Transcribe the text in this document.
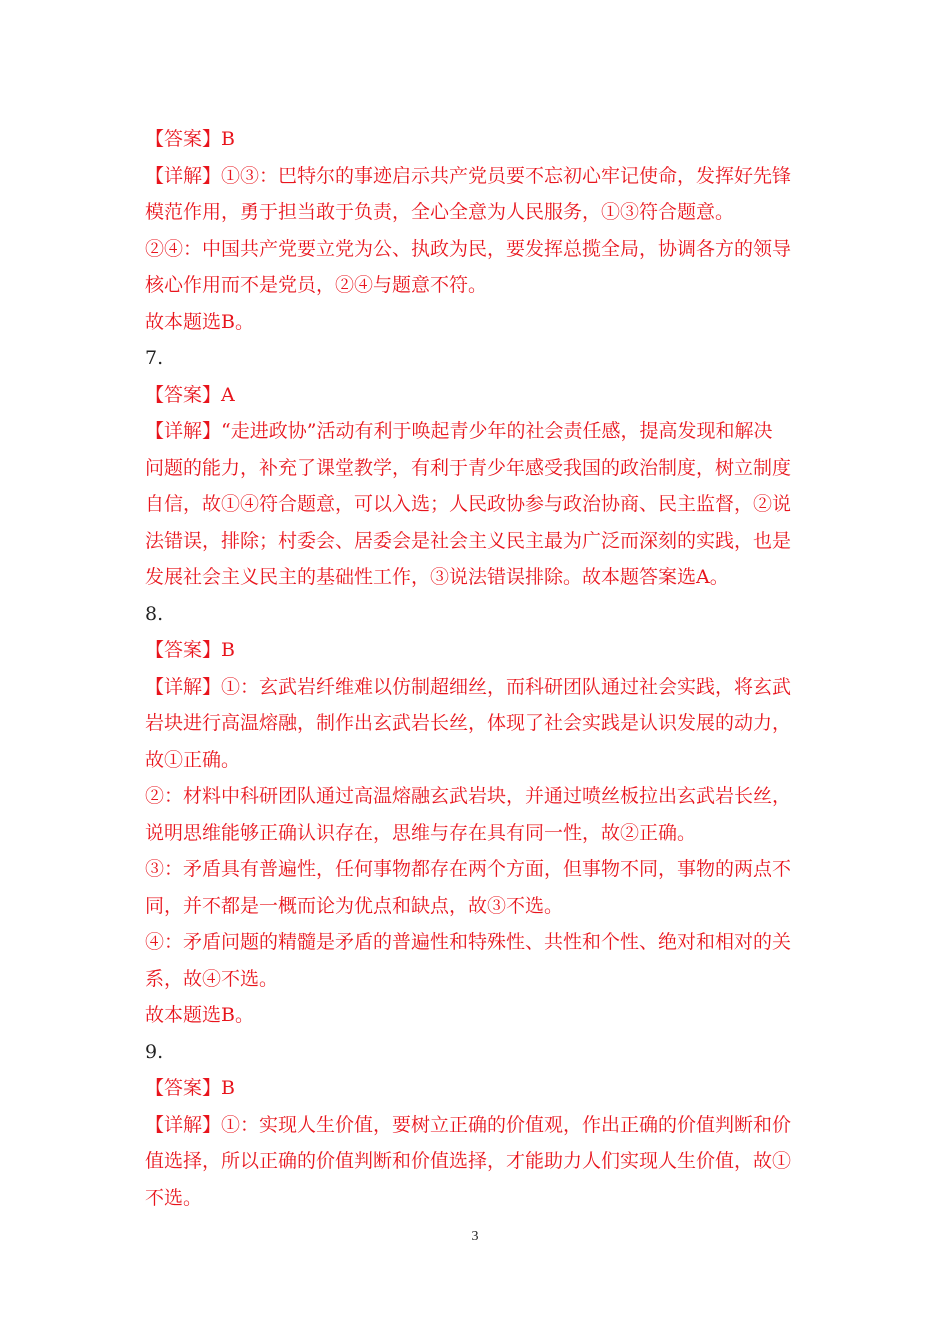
【答案】B
【详解】①③：巴特尔的事迹启示共产党员要不忘初心牢记使命，发挥好先锋
模范作用，勇于担当敢于负责，全心全意为人民服务，①③符合题意。
②④：中国共产党要立党为公、执政为民，要发挥总揽全局，协调各方的领导
核心作用而不是党员，②④与题意不符。
故本题选B。
7.
【答案】A
【详解】“走进政协”活动有利于唤起青少年的社会责任感，提高发现和解决
问题的能力，补充了课堂教学，有利于青少年感受我国的政治制度，树立制度
自信，故①④符合题意，可以入选；人民政协参与政治协商、民主监督，②说
法错误，排除；村委会、居委会是社会主义民主最为广泛而深刻的实践，也是
发展社会主义民主的基础性工作，③说法错误排除。故本题答案选A。
8.
【答案】B
【详解】①：玄武岩纤维难以仿制超细丝，而科研团队通过社会实践，将玄武
岩块进行高温熔融，制作出玄武岩长丝，体现了社会实践是认识发展的动力，
故①正确。
②：材料中科研团队通过高温熔融玄武岩块，并通过喷丝板拉出玄武岩长丝，
说明思维能够正确认识存在，思维与存在具有同一性，故②正确。
③：矛盾具有普遍性，任何事物都存在两个方面，但事物不同，事物的两点不
同，并不都是一概而论为优点和缺点，故③不选。
④：矛盾问题的精髓是矛盾的普遍性和特殊性、共性和个性、绝对和相对的关
系，故④不选。
故本题选B。
9.
【答案】B
【详解】①：实现人生价值，要树立正确的价值观，作出正确的价值判断和价
值选择，所以正确的价值判断和价值选择，才能助力人们实现人生价值，故①
不选。
3
